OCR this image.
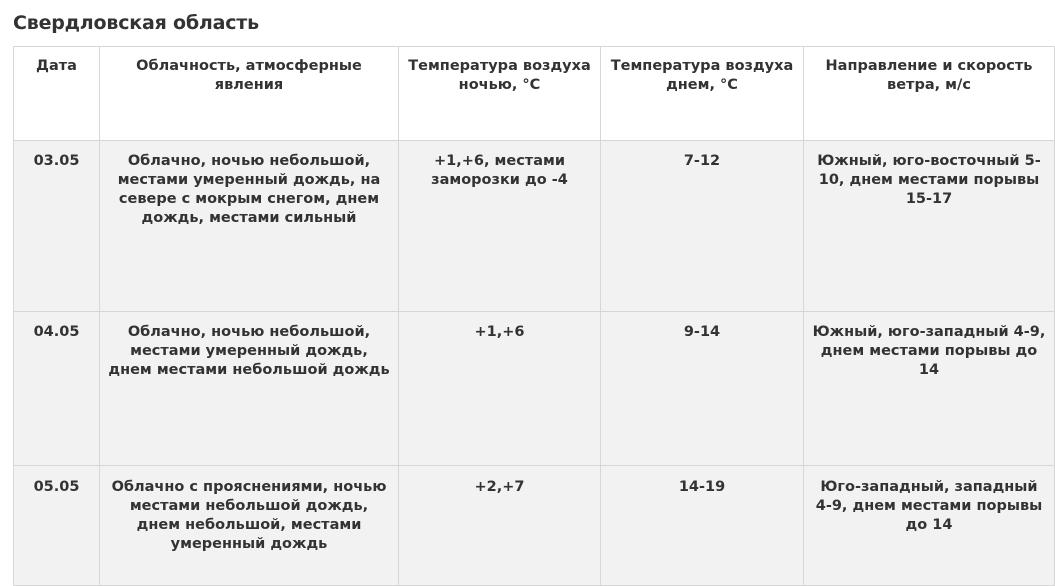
Свердловская область
Дата	Облачность, атмосферные явления	Температура воздуха ночью, °С	Температура воздуха днем, °С	Направление и скорость ветра, м/с
03.05	Облачно, ночью небольшой, местами умеренный дождь, на севере с мокрым снегом, днем дождь, местами сильный	+1,+6, местами заморозки до -4	7-12	Южный, юго-восточный 5-10, днем местами порывы 15-17
04.05	Облачно, ночью небольшой, местами умеренный дождь, днем местами небольшой дождь	+1,+6	9-14	Южный, юго-западный 4-9, днем местами порывы до 14
05.05	Облачно с прояснениями, ночью местами небольшой дождь, днем небольшой, местами умеренный дождь	+2,+7	14-19	Юго-западный, западный 4-9, днем местами порывы до 14
